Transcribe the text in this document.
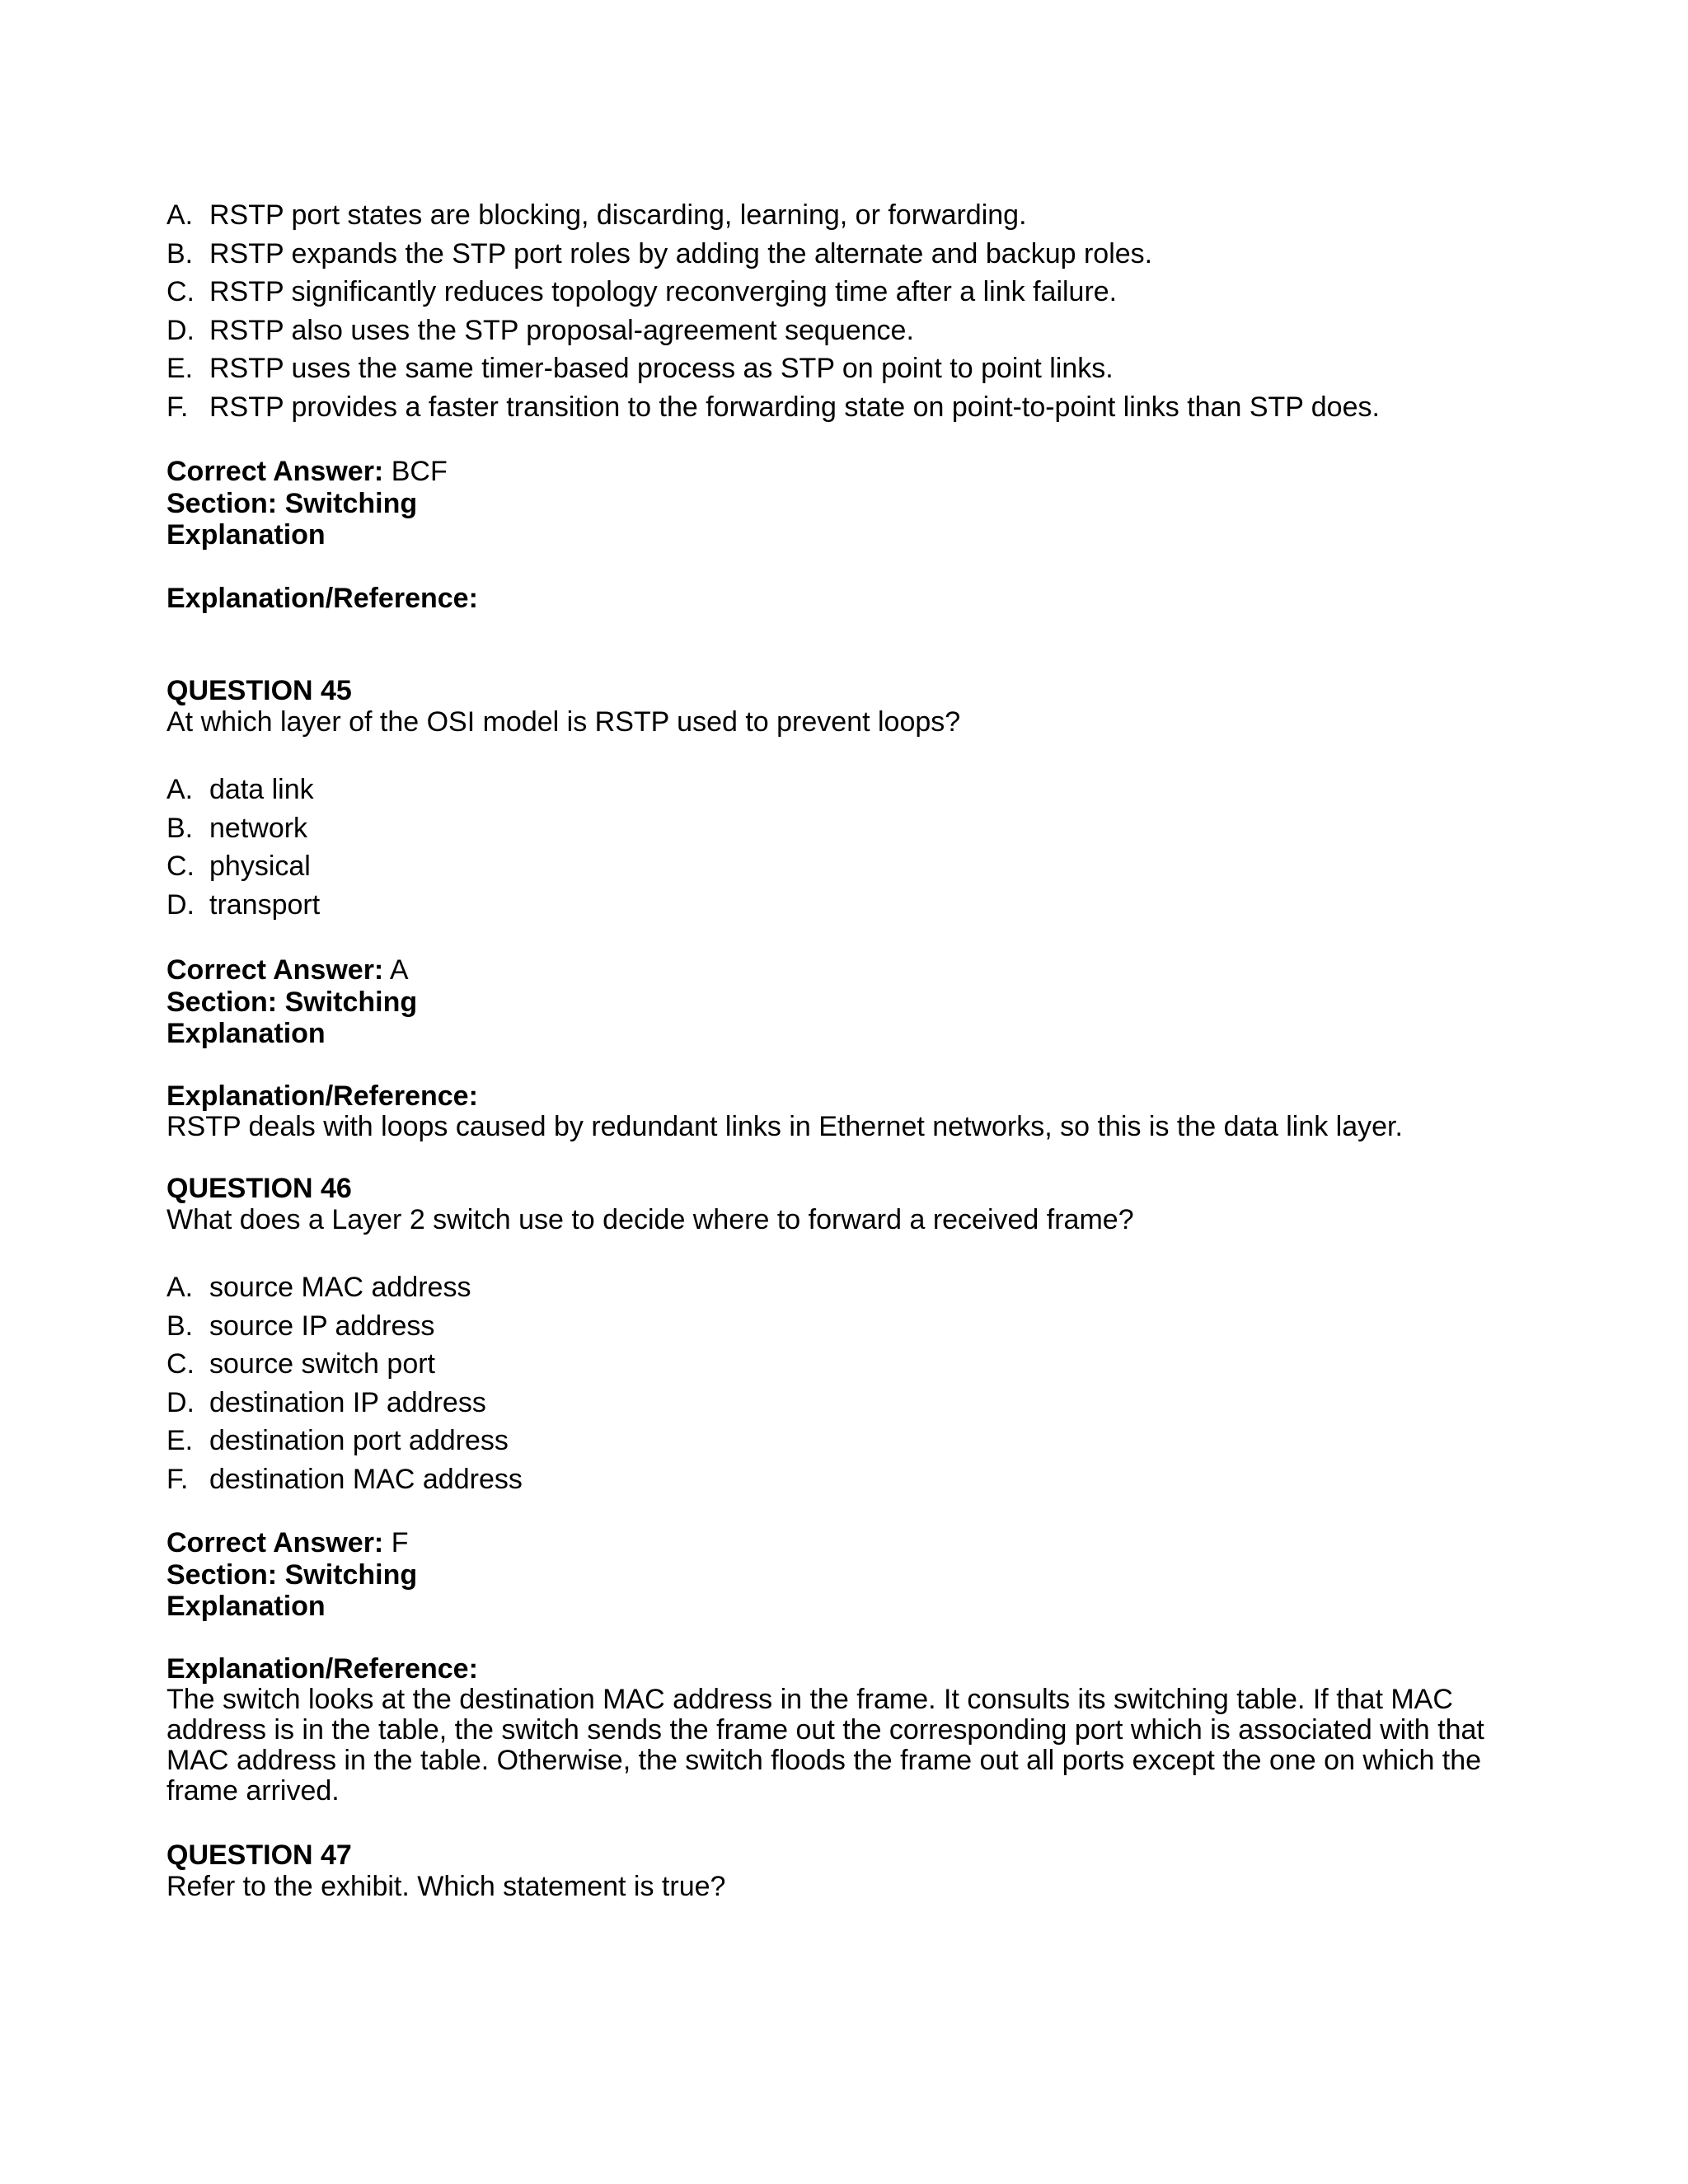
A. RSTP port states are blocking, discarding, learning, or forwarding.
B. RSTP expands the STP port roles by adding the alternate and backup roles.
C. RSTP significantly reduces topology reconverging time after a link failure.
D. RSTP also uses the STP proposal-agreement sequence.
E. RSTP uses the same timer-based process as STP on point to point links.
F. RSTP provides a faster transition to the forwarding state on point-to-point links than STP does.
Correct Answer: BCF
Section: Switching
Explanation
Explanation/Reference:
QUESTION 45
At which layer of the OSI model is RSTP used to prevent loops?
A. data link
B. network
C. physical
D. transport
Correct Answer: A
Section: Switching
Explanation
Explanation/Reference:
RSTP deals with loops caused by redundant links in Ethernet networks, so this is the data link layer.
QUESTION 46
What does a Layer 2 switch use to decide where to forward a received frame?
A. source MAC address
B. source IP address
C. source switch port
D. destination IP address
E. destination port address
F. destination MAC address
Correct Answer: F
Section: Switching
Explanation
Explanation/Reference:
The switch looks at the destination MAC address in the frame. It consults its switching table. If that MAC
address is in the table, the switch sends the frame out the corresponding port which is associated with that
MAC address in the table. Otherwise, the switch floods the frame out all ports except the one on which the
frame arrived.
QUESTION 47
Refer to the exhibit. Which statement is true?
